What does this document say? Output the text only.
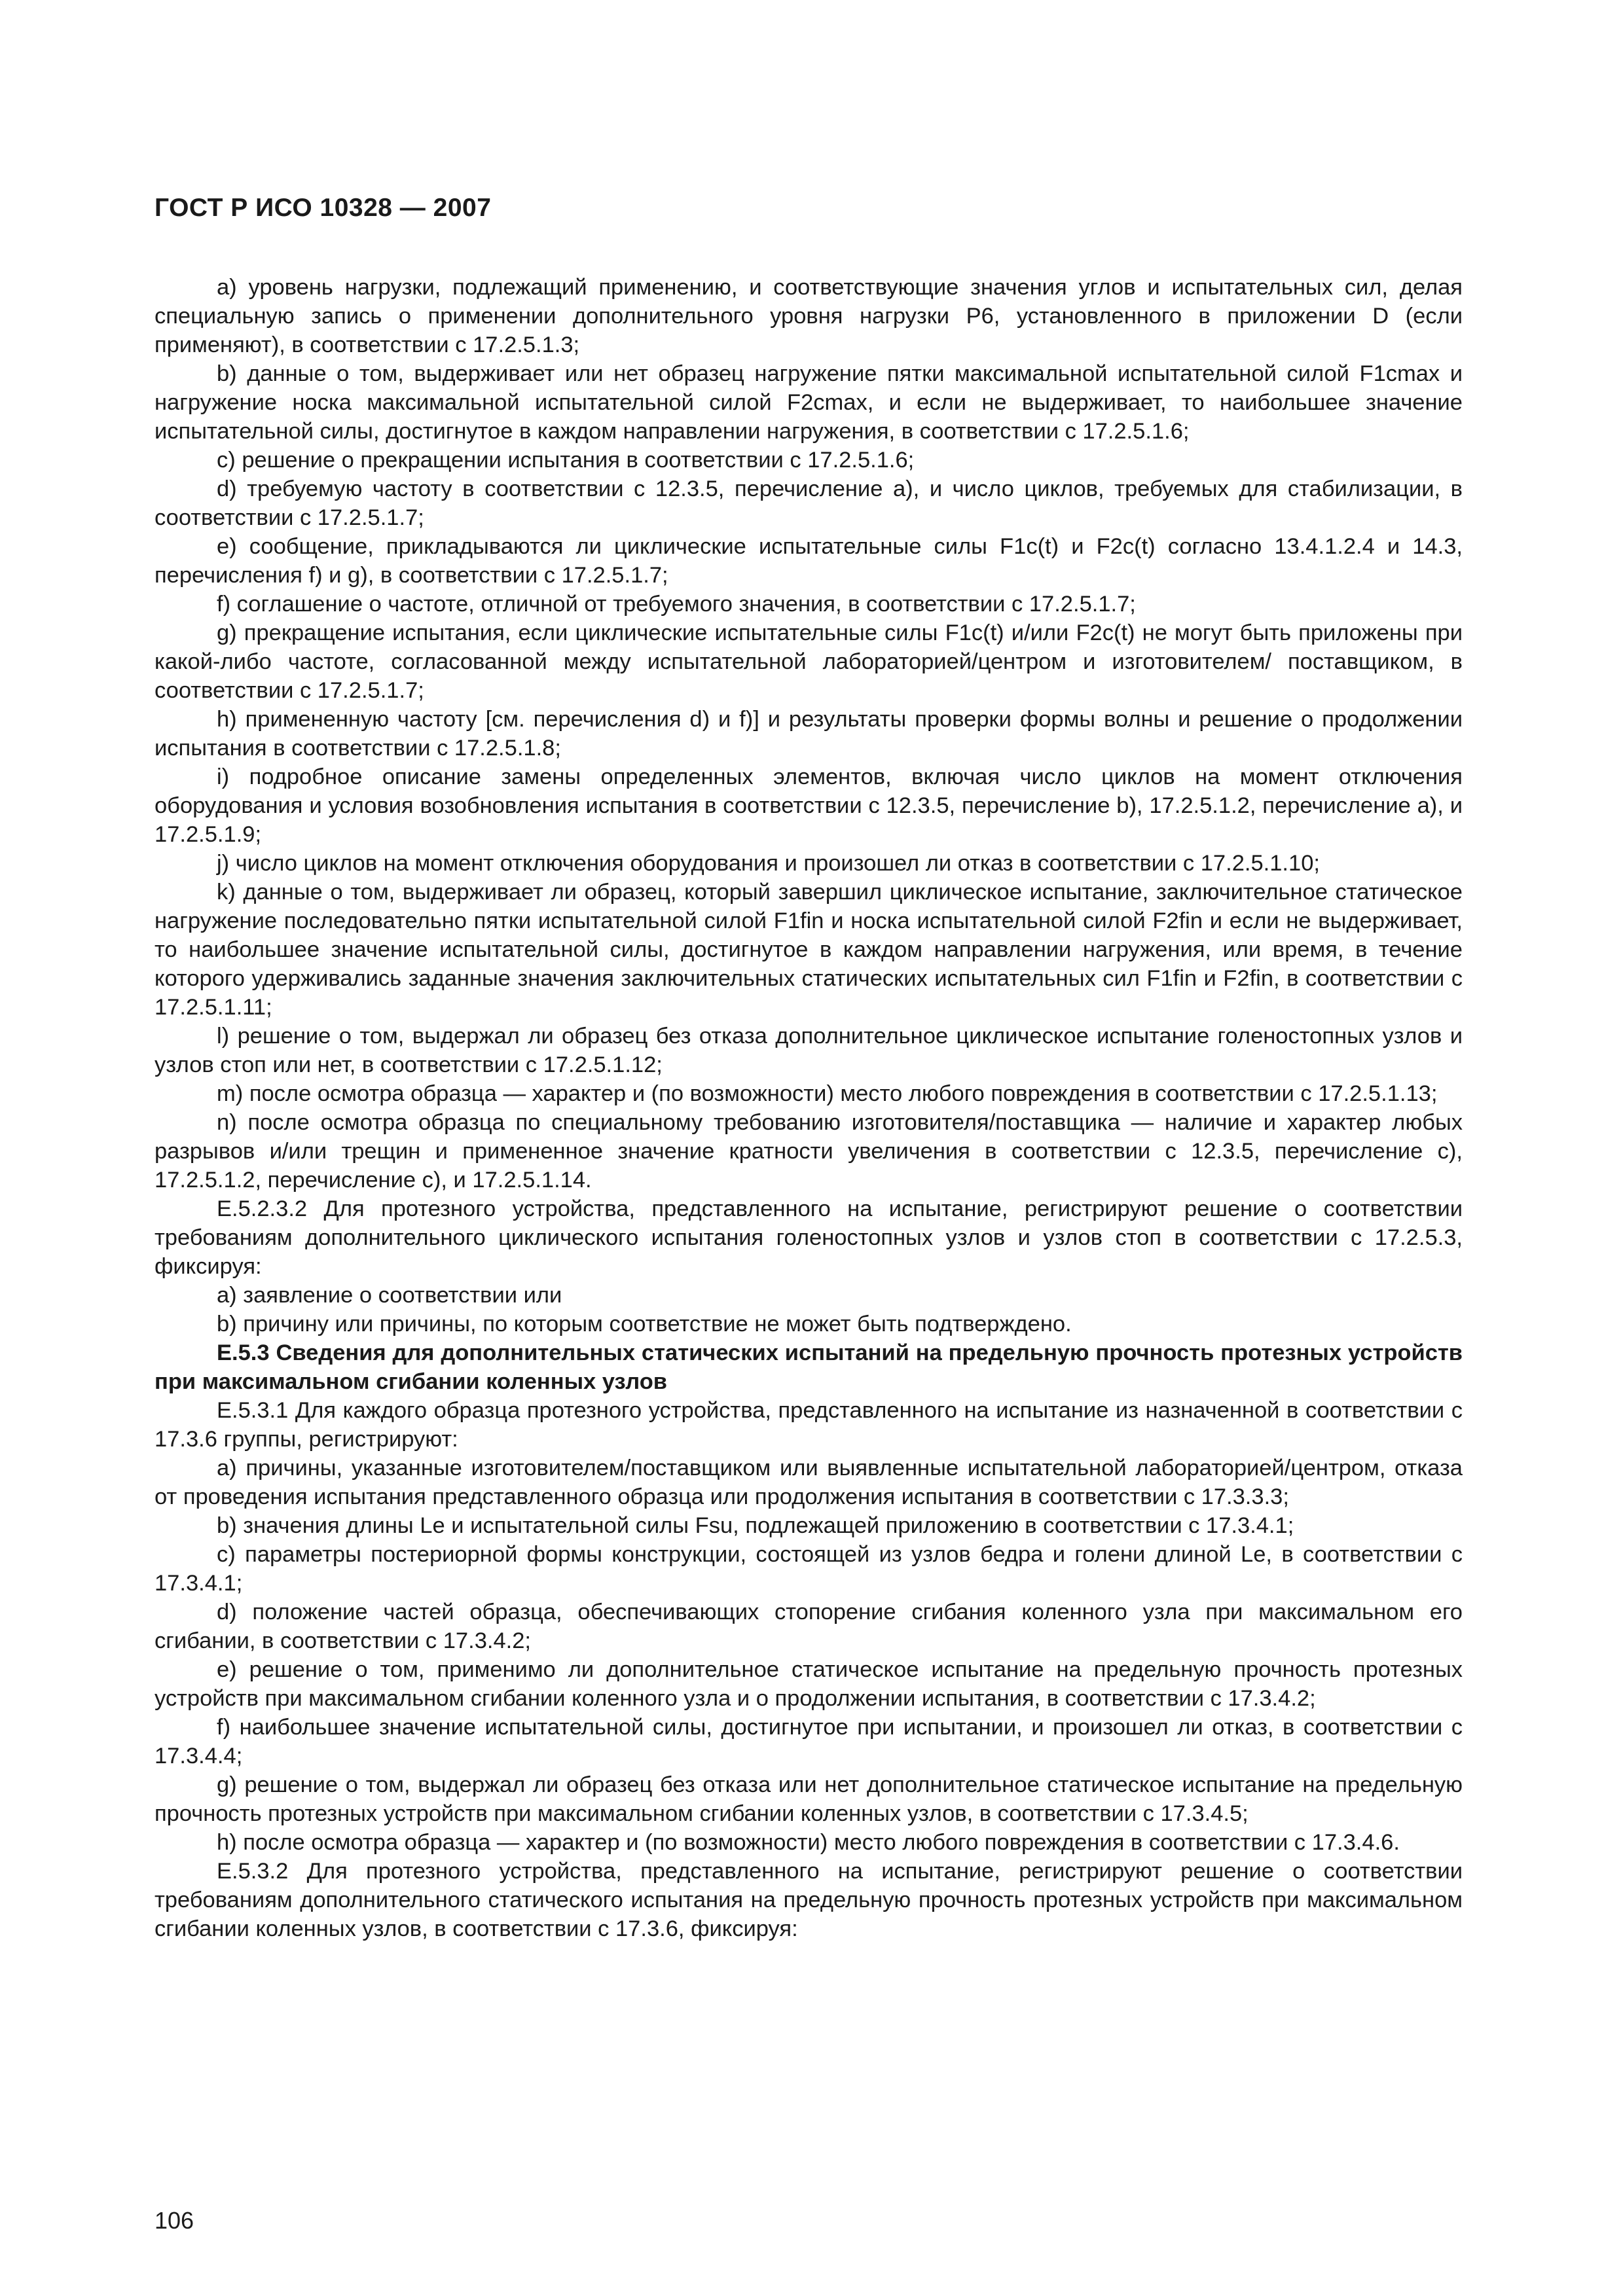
ГОСТ Р ИСО 10328 — 2007

а) уровень нагрузки, подлежащий применению, и соответствующие значения углов и испытательных сил, делая специальную запись о применении дополнительного уровня нагрузки Р6, установленного в приложении D (если применяют), в соответствии с 17.2.5.1.3;

b) данные о том, выдерживает или нет образец нагружение пятки максимальной испытательной силой F1cmax и нагружение носка максимальной испытательной силой F2cmax, и если не выдерживает, то наибольшее значение испытательной силы, достигнутое в каждом направлении нагружения, в соответствии с 17.2.5.1.6;

c) решение о прекращении испытания в соответствии с 17.2.5.1.6;

d) требуемую частоту в соответствии с 12.3.5, перечисление а), и число циклов, требуемых для стабилизации, в соответствии с 17.2.5.1.7;

e) сообщение, прикладываются ли циклические испытательные силы F1c(t) и F2c(t) согласно 13.4.1.2.4 и 14.3, перечисления f) и g), в соответствии с 17.2.5.1.7;

f) соглашение о частоте, отличной от требуемого значения, в соответствии с 17.2.5.1.7;

g) прекращение испытания, если циклические испытательные силы F1c(t) и/или F2c(t) не могут быть приложены при какой-либо частоте, согласованной между испытательной лабораторией/центром и изготовителем/ поставщиком, в соответствии с 17.2.5.1.7;

h) примененную частоту [см. перечисления d) и f)] и результаты проверки формы волны и решение о продолжении испытания в соответствии с 17.2.5.1.8;

i) подробное описание замены определенных элементов, включая число циклов на момент отключения оборудования и условия возобновления испытания в соответствии с 12.3.5, перечисление b), 17.2.5.1.2, перечисление а), и 17.2.5.1.9;

j) число циклов на момент отключения оборудования и произошел ли отказ в соответствии с 17.2.5.1.10;

k) данные о том, выдерживает ли образец, который завершил циклическое испытание, заключительное статическое нагружение последовательно пятки испытательной силой F1fin и носка испытательной силой F2fin и если не выдерживает, то наибольшее значение испытательной силы, достигнутое в каждом направлении нагружения, или время, в течение которого удерживались заданные значения заключительных статических испытательных сил F1fin и F2fin, в соответствии с 17.2.5.1.11;

l) решение о том, выдержал ли образец без отказа дополнительное циклическое испытание голеностопных узлов и узлов стоп или нет, в соответствии с 17.2.5.1.12;

m) после осмотра образца — характер и (по возможности) место любого повреждения в соответствии с 17.2.5.1.13;

n) после осмотра образца по специальному требованию изготовителя/поставщика — наличие и характер любых разрывов и/или трещин и примененное значение кратности увеличения в соответствии с 12.3.5, перечисление с), 17.2.5.1.2, перечисление с), и 17.2.5.1.14.

E.5.2.3.2 Для протезного устройства, представленного на испытание, регистрируют решение о соответствии требованиям дополнительного циклического испытания голеностопных узлов и узлов стоп в соответствии с 17.2.5.3, фиксируя:

a) заявление о соответствии или

b) причину или причины, по которым соответствие не может быть подтверждено.

E.5.3 Сведения для дополнительных статических испытаний на предельную прочность протезных устройств при максимальном сгибании коленных узлов

E.5.3.1 Для каждого образца протезного устройства, представленного на испытание из назначенной в соответствии с 17.3.6 группы, регистрируют:

a) причины, указанные изготовителем/поставщиком или выявленные испытательной лабораторией/центром, отказа от проведения испытания представленного образца или продолжения испытания в соответствии с 17.3.3.3;

b) значения длины Le и испытательной силы Fsu, подлежащей приложению в соответствии с 17.3.4.1;

c) параметры постериорной формы конструкции, состоящей из узлов бедра и голени длиной Le, в соответствии с 17.3.4.1;

d) положение частей образца, обеспечивающих стопорение сгибания коленного узла при максимальном его сгибании, в соответствии с 17.3.4.2;

e) решение о том, применимо ли дополнительное статическое испытание на предельную прочность протезных устройств при максимальном сгибании коленного узла и о продолжении испытания, в соответствии с 17.3.4.2;

f) наибольшее значение испытательной силы, достигнутое при испытании, и произошел ли отказ, в соответствии с 17.3.4.4;

g) решение о том, выдержал ли образец без отказа или нет дополнительное статическое испытание на предельную прочность протезных устройств при максимальном сгибании коленных узлов, в соответствии с 17.3.4.5;

h) после осмотра образца — характер и (по возможности) место любого повреждения в соответствии с 17.3.4.6.

E.5.3.2 Для протезного устройства, представленного на испытание, регистрируют решение о соответствии требованиям дополнительного статического испытания на предельную прочность протезных устройств при максимальном сгибании коленных узлов, в соответствии с 17.3.6, фиксируя:

106
